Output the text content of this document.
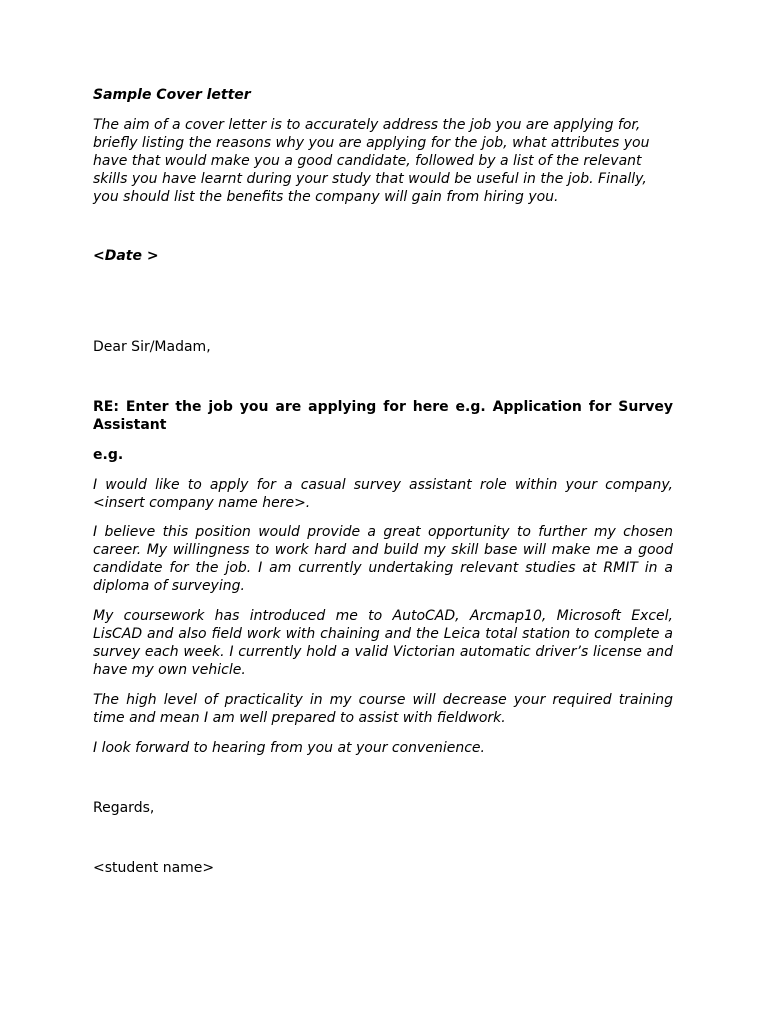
Sample Cover letter

The aim of a cover letter is to accurately address the job you are applying for, briefly listing the reasons why you are applying for the job, what attributes you have that would make you a good candidate, followed by a list of the relevant skills you have learnt during your study that would be useful in the job. Finally, you should list the benefits the company will gain from hiring you.

<Date >

Dear Sir/Madam,

RE: Enter the job you are applying for here e.g. Application for Survey Assistant

e.g.

I would like to apply for a casual survey assistant role within your company, <insert company name here>.

I believe this position would provide a great opportunity to further my chosen career. My willingness to work hard and build my skill base will make me a good candidate for the job. I am currently undertaking relevant studies at RMIT in a diploma of surveying.

My coursework has introduced me to AutoCAD, Arcmap10, Microsoft Excel, LisCAD and also field work with chaining and the Leica total station to complete a survey each week. I currently hold a valid Victorian automatic driver’s license and have my own vehicle.

The high level of practicality in my course will decrease your required training time and mean I am well prepared to assist with fieldwork.

I look forward to hearing from you at your convenience.

Regards,

<student name>
